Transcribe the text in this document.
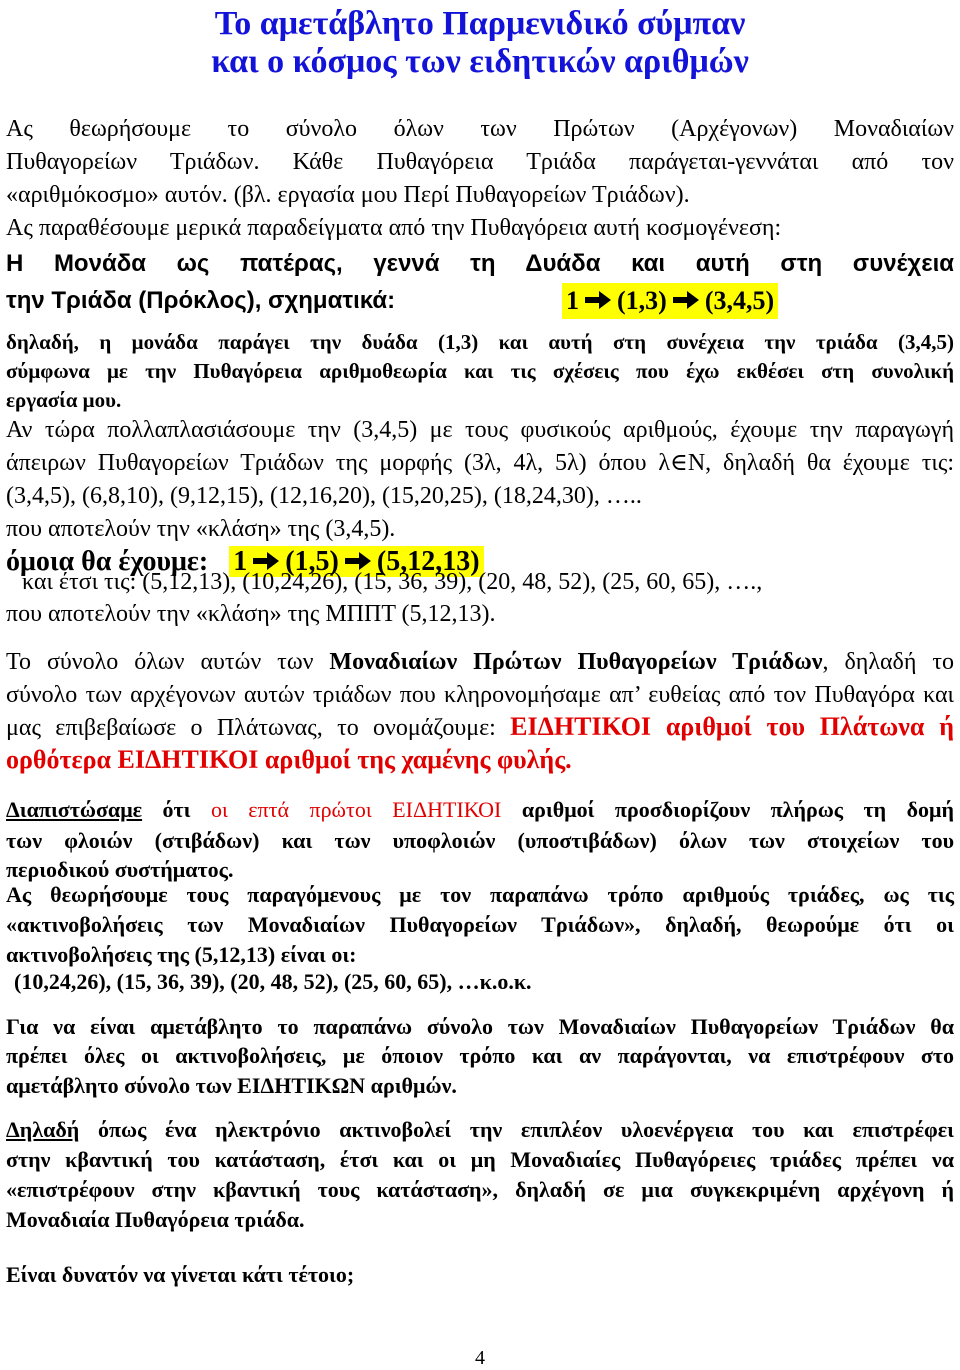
Το αμετάβλητο Παρμενιδικό σύμπαν
και ο κόσμος των ειδητικών αριθμών

Ας θεωρήσουμε το σύνολο όλων των Πρώτων (Αρχέγονων) Μοναδιαίων

Πυθαγορείων Τριάδων. Κάθε Πυθαγόρεια Τριάδα παράγεται-γεννάται από τον

«αριθμόκοσμο» αυτόν. (βλ. εργασία μου Περί Πυθαγορείων Τριάδων).

Ας παραθέσουμε μερικά παραδείγματα από την Πυθαγόρεια αυτή κοσμογένεση:

Η Μονάδα ως πατέρας, γεννά τη Δυάδα και αυτή στη συνέχεια

την Τριάδα (Πρόκλος), σχηματικά:	1 (1,3) (3,4,5)

δηλαδή, η μονάδα παράγει την δυάδα (1,3) και αυτή στη συνέχεια την τριάδα (3,4,5)

σύμφωνα με την Πυθαγόρεια αριθμοθεωρία και τις σχέσεις που έχω εκθέσει στη συνολική

εργασία μου.

Αν τώρα πολλαπλασιάσουμε την (3,4,5) με τους φυσικούς αριθμούς, έχουμε την παραγωγή

άπειρων Πυθαγορείων Τριάδων της μορφής (3λ, 4λ, 5λ) όπου λ∈Ν, δηλαδή θα έχουμε τις:

(3,4,5), (6,8,10), (9,12,15), (12,16,20), (15,20,25), (18,24,30), …..

που αποτελούν την «κλάση» της (3,4,5).

όμοια θα έχουμε: 1 (1,5) (5,12,13)

και έτσι τις: (5,12,13), (10,24,26), (15, 36, 39), (20, 48, 52), (25, 60, 65), ….,

που αποτελούν την «κλάση» της ΜΠΠΤ (5,12,13).

Το σύνολο όλων αυτών των Μοναδιαίων Πρώτων Πυθαγορείων Τριάδων, δηλαδή το

σύνολο των αρχέγονων αυτών τριάδων που κληρονομήσαμε απ’ ευθείας από τον Πυθαγόρα και

μας επιβεβαίωσε ο Πλάτωνας, το ονομάζουμε: ΕΙΔΗΤΙΚΟΙ αριθμοί του Πλάτωνα ή

ορθότερα ΕΙΔΗΤΙΚΟΙ αριθμοί της χαμένης φυλής.

Διαπιστώσαμε ότι οι επτά πρώτοι ΕΙΔΗΤΙΚΟΙ αριθμοί προσδιορίζουν πλήρως τη δομή

των φλοιών (στιβάδων) και των υποφλοιών (υποστιβάδων) όλων των στοιχείων του

περιοδικού συστήματος.

Ας θεωρήσουμε τους παραγόμενους με τον παραπάνω τρόπο αριθμούς τριάδες, ως τις

«ακτινοβολήσεις των Μοναδιαίων Πυθαγορείων Τριάδων», δηλαδή, θεωρούμε ότι οι

ακτινοβολήσεις της (5,12,13) είναι οι:

(10,24,26), (15, 36, 39), (20, 48, 52), (25, 60, 65), …κ.ο.κ.

Για να είναι αμετάβλητο το παραπάνω σύνολο των Μοναδιαίων Πυθαγορείων Τριάδων θα

πρέπει όλες οι ακτινοβολήσεις, με όποιον τρόπο και αν παράγονται, να επιστρέφουν στο

αμετάβλητο σύνολο των ΕΙΔΗΤΙΚΩΝ αριθμών.

Δηλαδή όπως ένα ηλεκτρόνιο ακτινοβολεί την επιπλέον υλοενέργεια του και επιστρέφει

στην κβαντική του κατάσταση, έτσι και οι μη Μοναδιαίες Πυθαγόρειες τριάδες πρέπει να

«επιστρέφουν στην κβαντική τους κατάσταση», δηλαδή σε μια συγκεκριμένη αρχέγονη ή

Μοναδιαία Πυθαγόρεια τριάδα.

Είναι δυνατόν να γίνεται κάτι τέτοιο;

4
